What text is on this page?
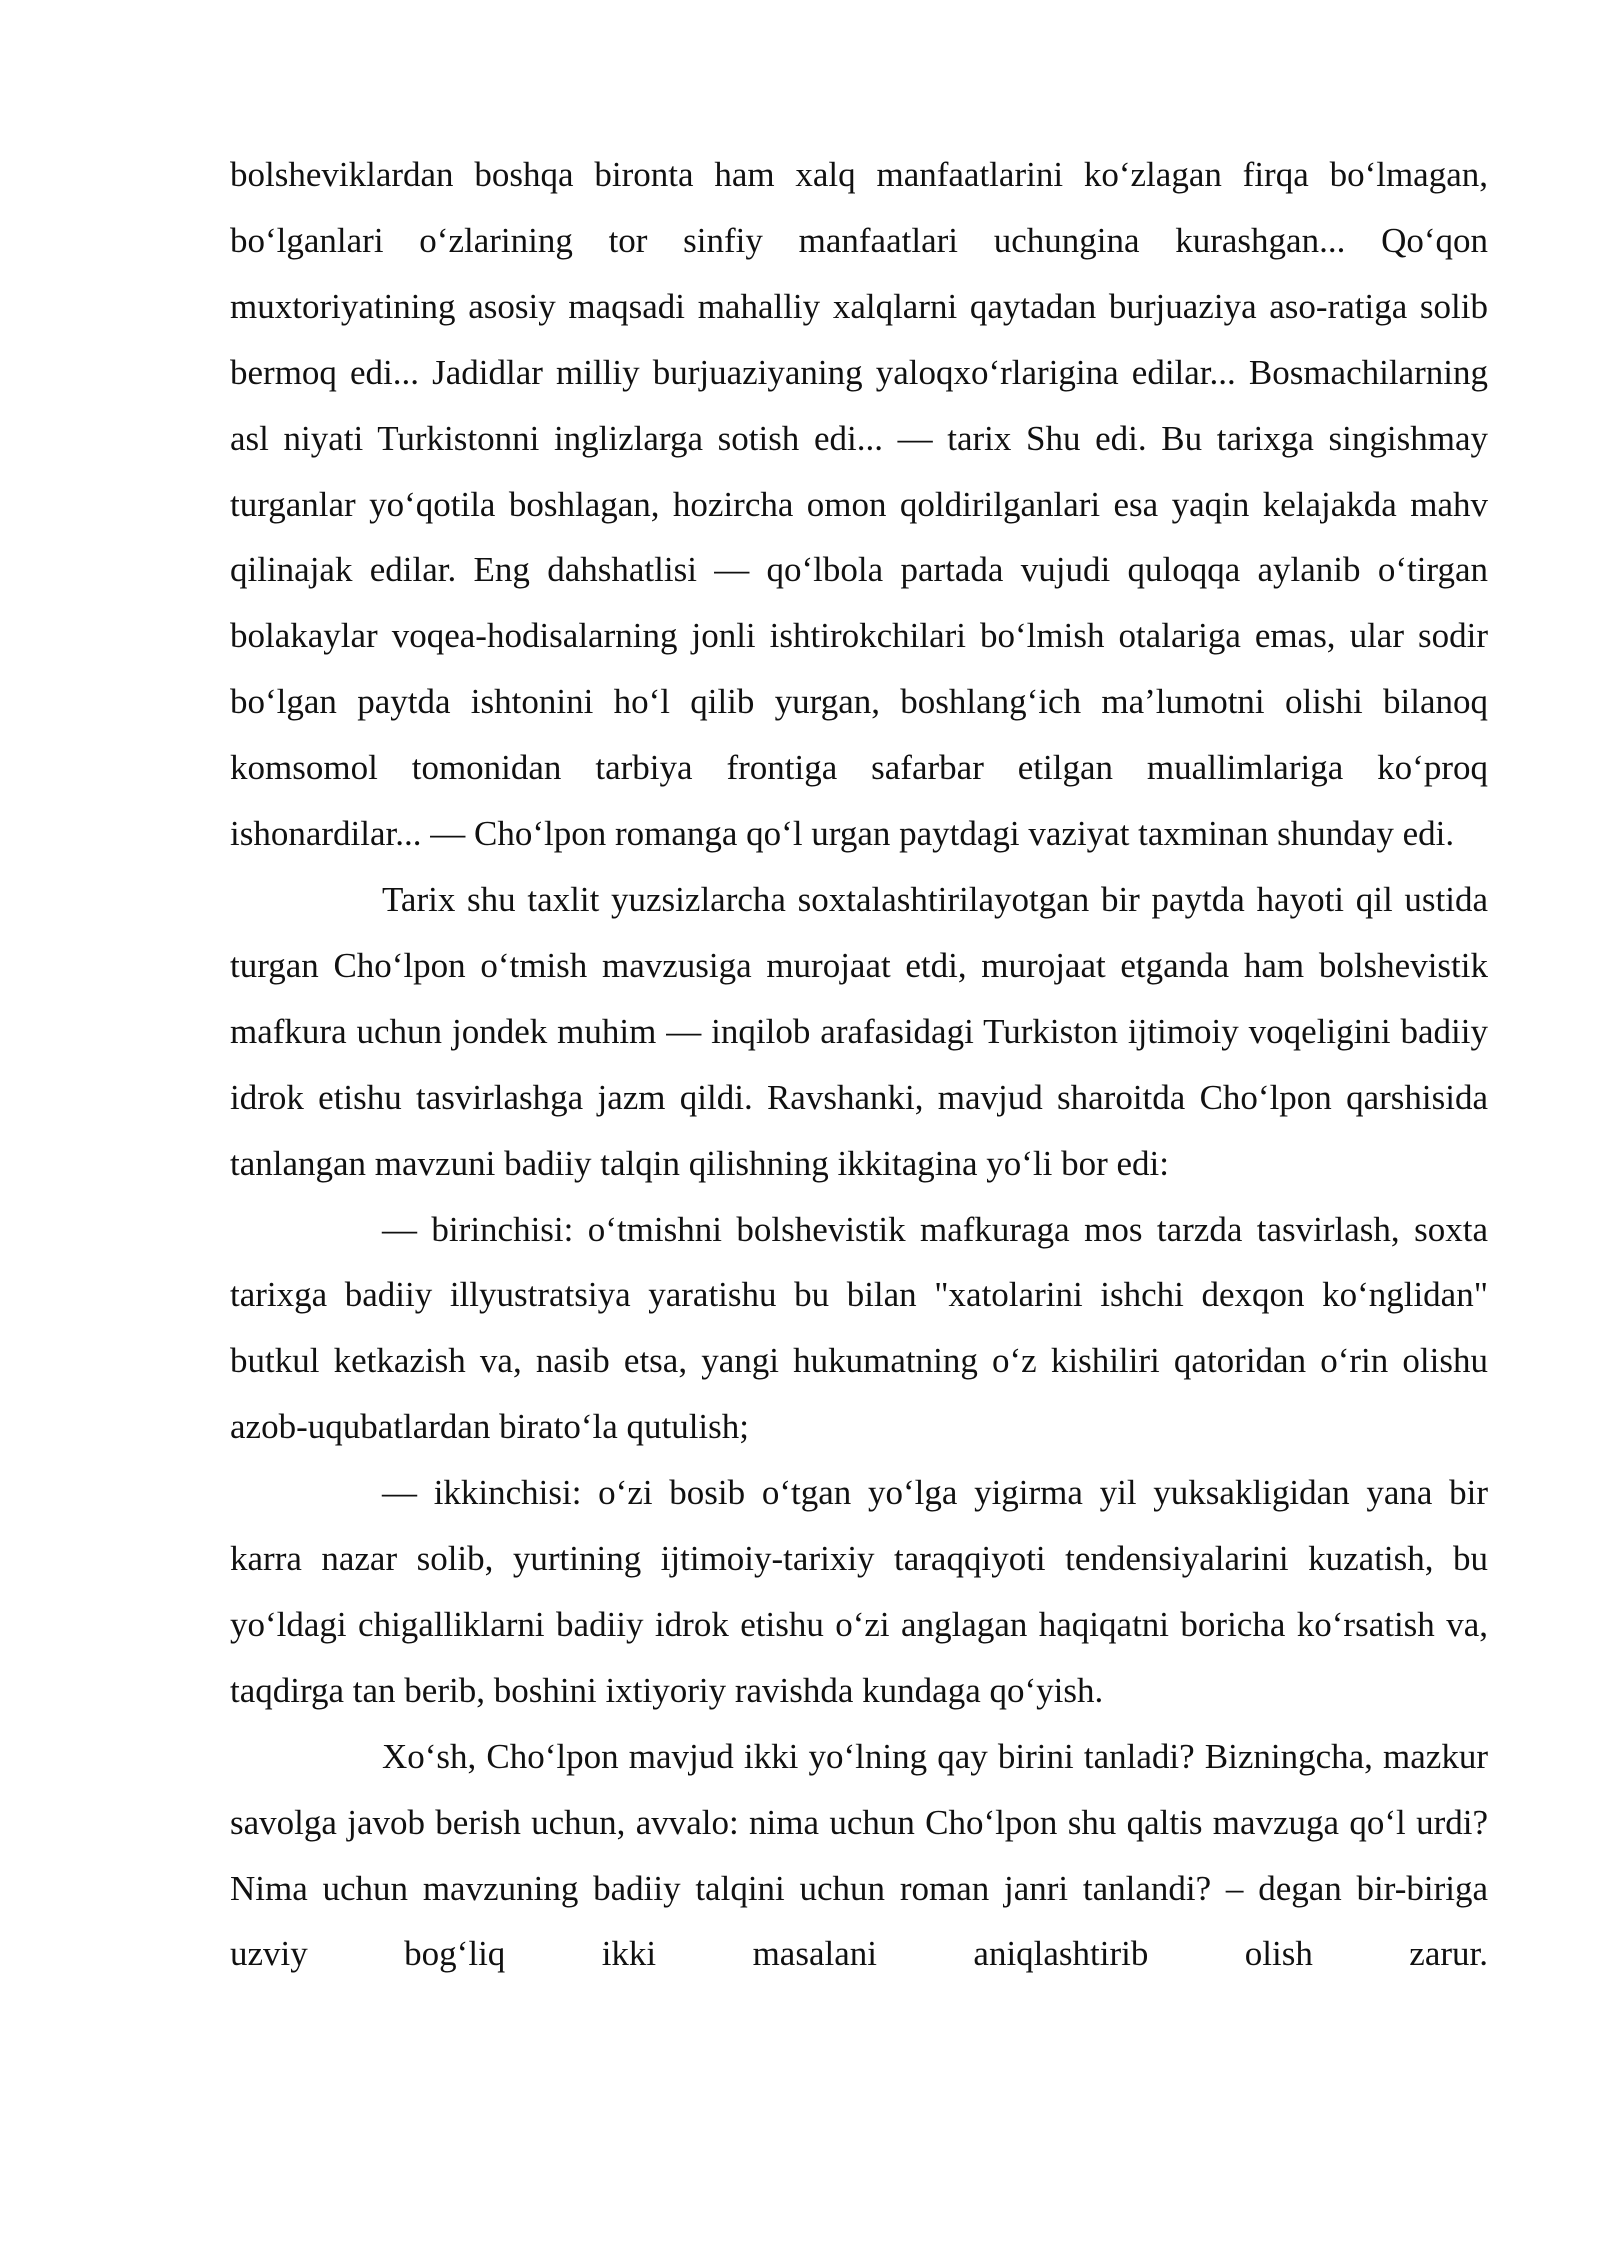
bolsheviklardan boshqa bironta ham xalq manfaatlarini ko‘zlagan firqa bo‘lmagan, bo‘lganlari o‘zlarining tor sinfiy manfaatlari uchungina kurashgan... Qo‘qon muxtoriyatining asosiy maqsadi mahalliy xalqlarni qaytadan burjuaziya aso-ratiga solib bermoq edi... Jadidlar milliy burjuaziyaning yaloqxo‘rlarigina edilar... Bosmachilarning asl niyati Turkistonni inglizlarga sotish edi... — tarix Shu edi. Bu tarixga singishmay turganlar yo‘qotila boshlagan, hozircha omon qoldirilganlari esa yaqin kelajakda mahv qilinajak edilar. Eng dahshatlisi — qo‘lbola partada vujudi quloqqa aylanib o‘tirgan bolakaylar voqea-hodisalarning jonli ishtirokchilari bo‘lmish otalariga emas, ular sodir bo‘lgan paytda ishtonini ho‘l qilib yurgan, boshlang‘ich ma’lumotni olishi bilanoq komsomol tomonidan tarbiya frontiga safarbar etilgan muallimlariga ko‘proq ishonardilar... — Cho‘lpon romanga qo‘l urgan paytdagi vaziyat taxminan shunday edi.

Tarix shu taxlit yuzsizlarcha soxtalashtirilayotgan bir paytda hayoti qil ustida turgan Cho‘lpon o‘tmish mavzusiga murojaat etdi, murojaat etganda ham bolshevistik mafkura uchun jondek muhim — inqilob arafasidagi Turkiston ijtimoiy voqeligini badiiy idrok etishu tasvirlashga jazm qildi. Ravshanki, mavjud sharoitda Cho‘lpon qarshisida tanlangan mavzuni badiiy talqin qilishning ikkitagina yo‘li bor edi:

— birinchisi: o‘tmishni bolshevistik mafkuraga mos tarzda tasvirlash, soxta tarixga badiiy illyustratsiya yaratishu bu bilan "xatolarini ishchi dexqon ko‘nglidan" butkul ketkazish va, nasib etsa, yangi hukumatning o‘z kishiliri qatoridan o‘rin olishu azob-uqubatlardan birato‘la qutulish;

— ikkinchisi: o‘zi bosib o‘tgan yo‘lga yigirma yil yuksakligidan yana bir karra nazar solib, yurtining ijtimoiy-tarixiy taraqqiyoti tendensiyalarini kuzatish, bu yo‘ldagi chigalliklarni badiiy idrok etishu o‘zi anglagan haqiqatni boricha ko‘rsatish va, taqdirga tan berib, boshini ixtiyoriy ravishda kundaga qo‘yish.

Xo‘sh, Cho‘lpon mavjud ikki yo‘lning qay birini tanladi? Bizningcha, mazkur savolga javob berish uchun, avvalo: nima uchun Cho‘lpon shu qaltis mavzuga qo‘l urdi? Nima uchun mavzuning badiiy talqini uchun roman janri tanlandi? – degan bir-biriga uzviy bog‘liq ikki masalani aniqlashtirib olish zarur.
